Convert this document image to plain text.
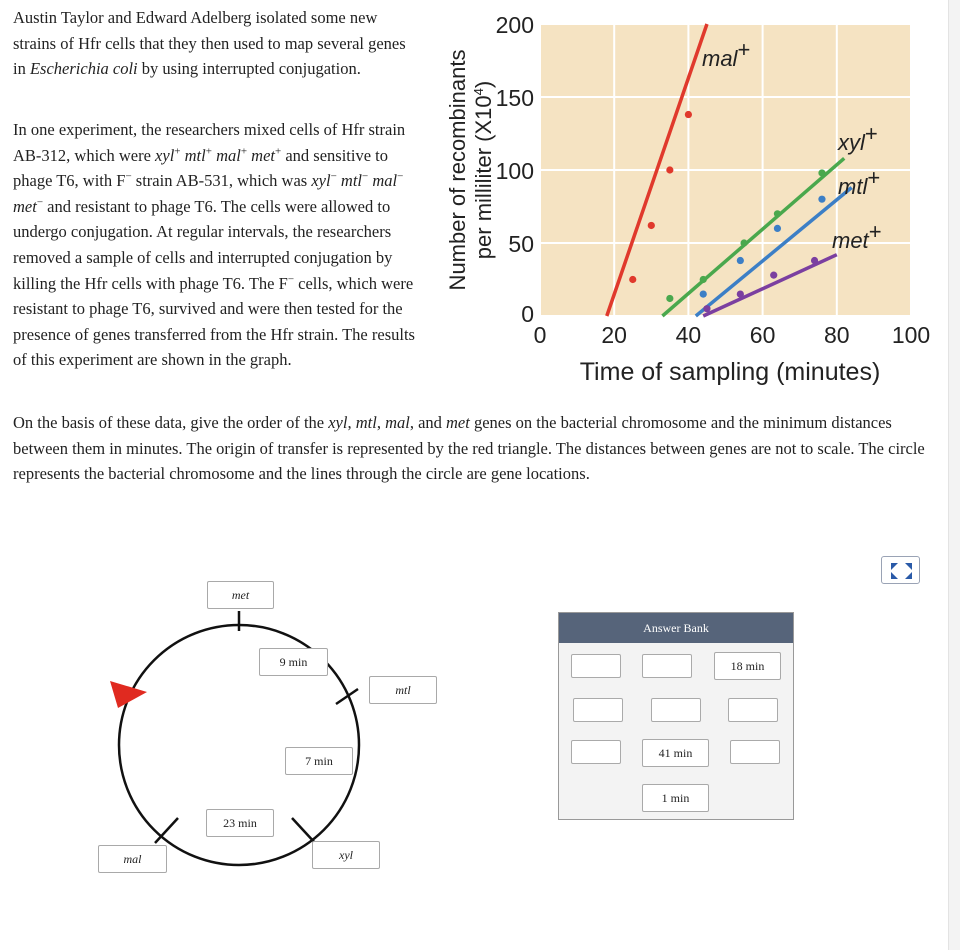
Austin Taylor and Edward Adelberg isolated some new strains of Hfr cells that they then used to map several genes in Escherichia coli by using interrupted conjugation.

In one experiment, the researchers mixed cells of Hfr strain AB-312, which were xyl+ mtl+ mal+ met+ and sensitive to phage T6, with F− strain AB-531, which was xyl− mtl− mal− met− and resistant to phage T6. The cells were allowed to undergo conjugation. At regular intervals, the researchers removed a sample of cells and interrupted conjugation by killing the Hfr cells with phage T6. The F− cells, which were resistant to phage T6, survived and were then tested for the presence of genes transferred from the Hfr strain. The results of this experiment are shown in the graph.

0 20 40 60 80 100
0
50
100
150
200
mal+
xyl+
mtl+
met+
Time of sampling (minutes)
Number of recombinants per milliliter $(X10^4)$

On the basis of these data, give the order of the xyl, mtl, mal, and met genes on the bacterial chromosome and the minimum distances between them in minutes. The origin of transfer is represented by the red triangle. The distances between genes are not to scale. The circle represents the bacterial chromosome and the lines through the circle are gene locations.

met
9 min
mtl
7 min
23 min
xyl
mal
Answer Bank
18 min
41 min
1 min
